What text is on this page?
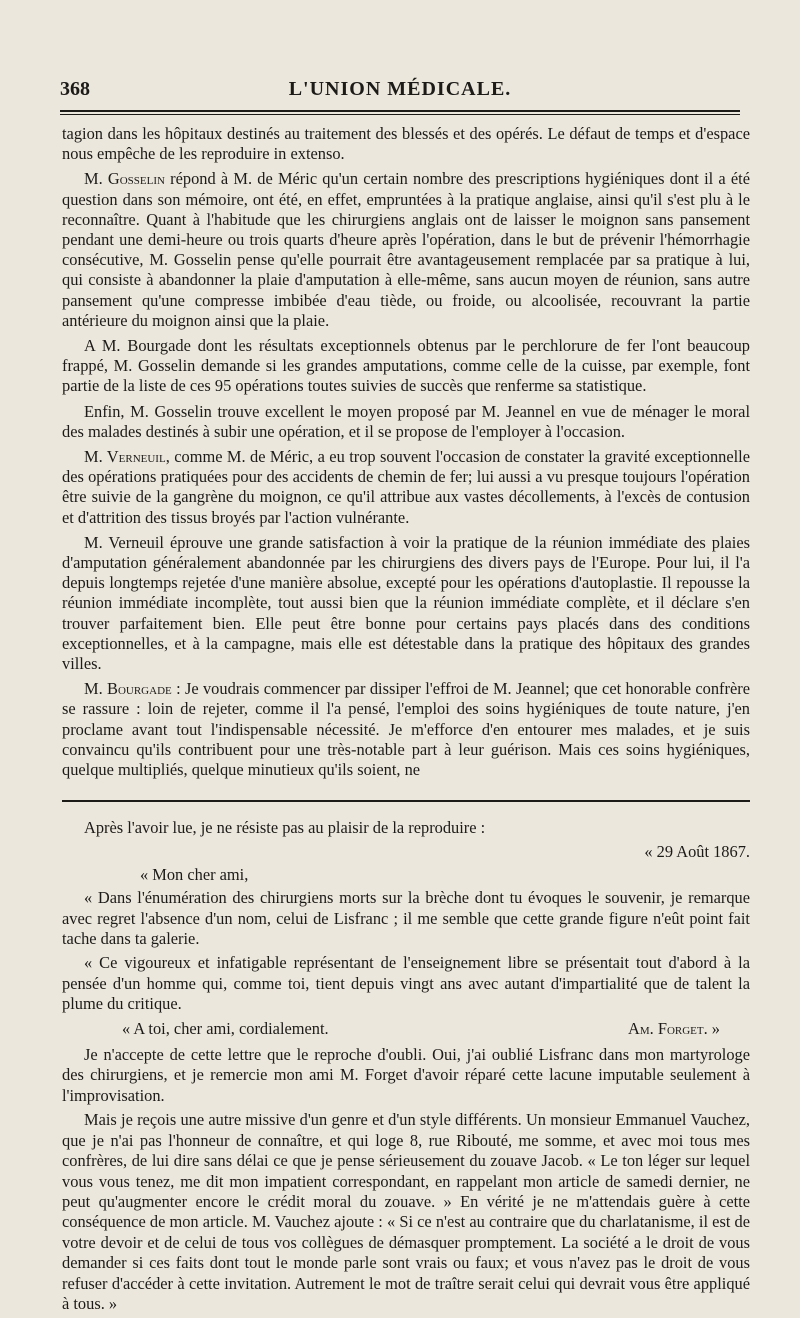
368	L'UNION MÉDICALE.

tagion dans les hôpitaux destinés au traitement des blessés et des opérés. Le défaut de temps et d'espace nous empêche de les reproduire in extenso.

M. Gosselin répond à M. de Méric qu'un certain nombre des prescriptions hygiéniques dont il a été question dans son mémoire, ont été, en effet, empruntées à la pratique anglaise, ainsi qu'il s'est plu à le reconnaître. Quant à l'habitude que les chirurgiens anglais ont de laisser le moignon sans pansement pendant une demi-heure ou trois quarts d'heure après l'opération, dans le but de prévenir l'hémorrhagie consécutive, M. Gosselin pense qu'elle pourrait être avantageusement remplacée par sa pratique à lui, qui consiste à abandonner la plaie d'amputation à elle-même, sans aucun moyen de réunion, sans autre pansement qu'une compresse imbibée d'eau tiède, ou froide, ou alcoolisée, recouvrant la partie antérieure du moignon ainsi que la plaie.

A M. Bourgade dont les résultats exceptionnels obtenus par le perchlorure de fer l'ont beaucoup frappé, M. Gosselin demande si les grandes amputations, comme celle de la cuisse, par exemple, font partie de la liste de ces 95 opérations toutes suivies de succès que renferme sa statistique.

Enfin, M. Gosselin trouve excellent le moyen proposé par M. Jeannel en vue de ménager le moral des malades destinés à subir une opération, et il se propose de l'employer à l'occasion.

M. Verneuil, comme M. de Méric, a eu trop souvent l'occasion de constater la gravité exceptionnelle des opérations pratiquées pour des accidents de chemin de fer; lui aussi a vu presque toujours l'opération être suivie de la gangrène du moignon, ce qu'il attribue aux vastes décollements, à l'excès de contusion et d'attrition des tissus broyés par l'action vulnérante.

M. Verneuil éprouve une grande satisfaction à voir la pratique de la réunion immédiate des plaies d'amputation généralement abandonnée par les chirurgiens des divers pays de l'Europe. Pour lui, il l'a depuis longtemps rejetée d'une manière absolue, excepté pour les opérations d'autoplastie. Il repousse la réunion immédiate incomplète, tout aussi bien que la réunion immédiate complète, et il déclare s'en trouver parfaitement bien. Elle peut être bonne pour certains pays placés dans des conditions exceptionnelles, et à la campagne, mais elle est détestable dans la pratique des hôpitaux des grandes villes.

M. Bourgade : Je voudrais commencer par dissiper l'effroi de M. Jeannel; que cet honorable confrère se rassure : loin de rejeter, comme il l'a pensé, l'emploi des soins hygiéniques de toute nature, j'en proclame avant tout l'indispensable nécessité. Je m'efforce d'en entourer mes malades, et je suis convaincu qu'ils contribuent pour une très-notable part à leur guérison. Mais ces soins hygiéniques, quelque multipliés, quelque minutieux qu'ils soient, ne

Après l'avoir lue, je ne résiste pas au plaisir de la reproduire :

« 29 Août 1867.
« Mon cher ami,

« Dans l'énumération des chirurgiens morts sur la brèche dont tu évoques le souvenir, je remarque avec regret l'absence d'un nom, celui de Lisfranc ; il me semble que cette grande figure n'eût point fait tache dans ta galerie.

« Ce vigoureux et infatigable représentant de l'enseignement libre se présentait tout d'abord à la pensée d'un homme qui, comme toi, tient depuis vingt ans avec autant d'impartialité que de talent la plume du critique.

« A toi, cher ami, cordialement.	Am. Forget. »

Je n'accepte de cette lettre que le reproche d'oubli. Oui, j'ai oublié Lisfranc dans mon martyrologe des chirurgiens, et je remercie mon ami M. Forget d'avoir réparé cette lacune imputable seulement à l'improvisation.

Mais je reçois une autre missive d'un genre et d'un style différents. Un monsieur Emmanuel Vauchez, que je n'ai pas l'honneur de connaître, et qui loge 8, rue Ribouté, me somme, et avec moi tous mes confrères, de lui dire sans délai ce que je pense sérieusement du zouave Jacob. « Le ton léger sur lequel vous vous tenez, me dit mon impatient correspondant, en rappelant mon article de samedi dernier, ne peut qu'augmenter encore le crédit moral du zouave. » En vérité je ne m'attendais guère à cette conséquence de mon article. M. Vauchez ajoute : « Si ce n'est au contraire que du charlatanisme, il est de votre devoir et de celui de tous vos collègues de démasquer promptement. La société a le droit de vous demander si ces faits dont tout le monde parle sont vrais ou faux; et vous n'avez pas le droit de vous refuser d'accéder à cette invitation. Autrement le mot de traître serait celui qui devrait vous être appliqué à tous. »
